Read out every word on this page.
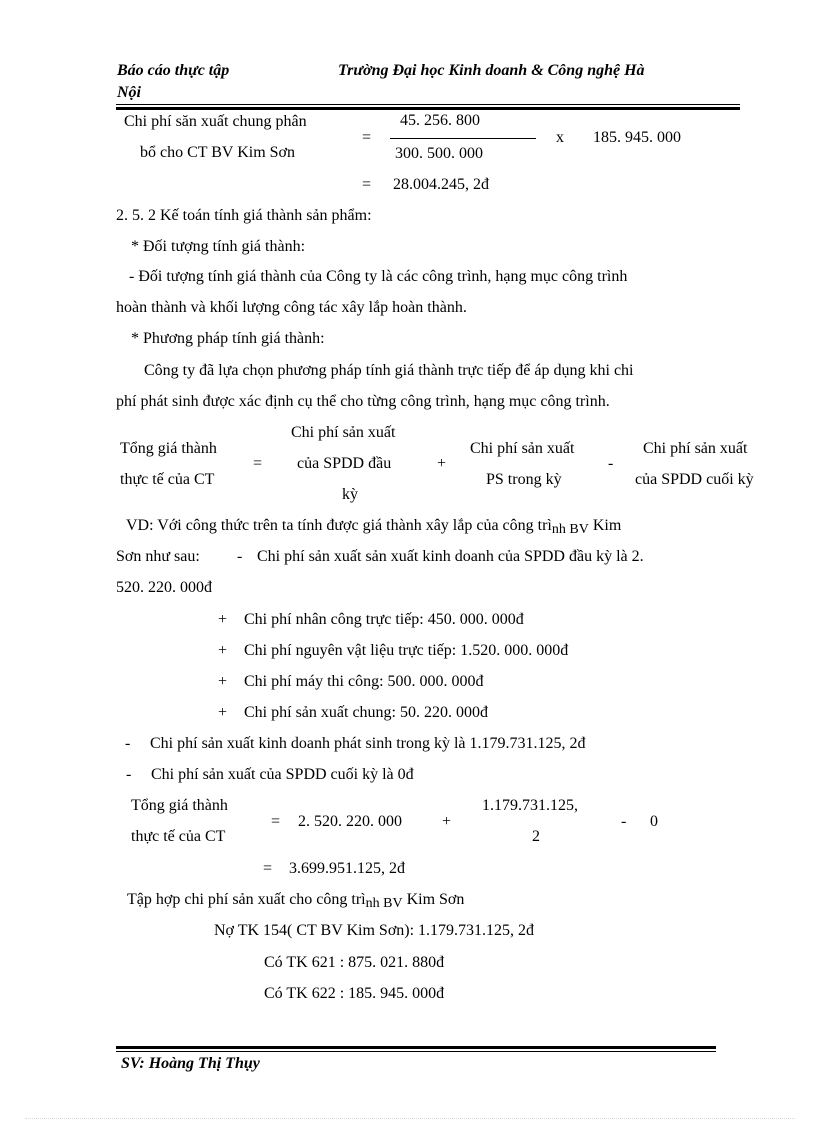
Báo cáo thực tập	Trường Đại học Kinh doanh & Công nghệ Hà
Nội
Chi phí săn xuất chung phân
bổ cho CT BV Kim Sơn
=
45. 256. 800
300. 500. 000
x 185. 945. 000
= 28.004.245, 2đ
2. 5. 2 Kế toán tính giá thành sản phẩm:
* Đối tượng tính giá thành:
- Đối tượng tính giá thành của Công ty là các công trình, hạng mục công trình
hoàn thành và khối lượng công tác xây lắp hoàn thành.
* Phương pháp tính giá thành:
Công ty đã lựa chọn phương pháp tính giá thành trực tiếp để áp dụng khi chi
phí phát sinh được xác định cụ thể cho từng công trình, hạng mục công trình.
Tổng giá thành
thực tế của CT
=
Chi phí sản xuất
của SPDD đầu
kỳ
+
Chi phí sản xuất
PS trong kỳ
-
Chi phí sản xuất
của SPDD cuối kỳ
VD: Với công thức trên ta tính được giá thành xây lắp của công trình BV Kim
Sơn như sau: - Chi phí sản xuất sản xuất kinh doanh của SPDD đầu kỳ là 2.
520. 220. 000đ
+ Chi phí nhân công trực tiếp: 450. 000. 000đ
+ Chi phí nguyên vật liệu trực tiếp: 1.520. 000. 000đ
+ Chi phí máy thi công: 500. 000. 000đ
+ Chi phí sản xuất chung: 50. 220. 000đ
- Chi phí sản xuất kinh doanh phát sinh trong kỳ là 1.179.731.125, 2đ
- Chi phí sản xuất của SPDD cuối kỳ là 0đ
Tổng giá thành
thực tế của CT
= 2. 520. 220. 000	+
1.179.731.125,
2
- 0
= 3.699.951.125, 2đ
Tập hợp chi phí sản xuất cho công trình BV Kim Sơn
Nợ TK 154( CT BV Kim Sơn): 1.179.731.125, 2đ
Có TK 621 : 875. 021. 880đ
Có TK 622 : 185. 945. 000đ
SV: Hoàng Thị Thụy
